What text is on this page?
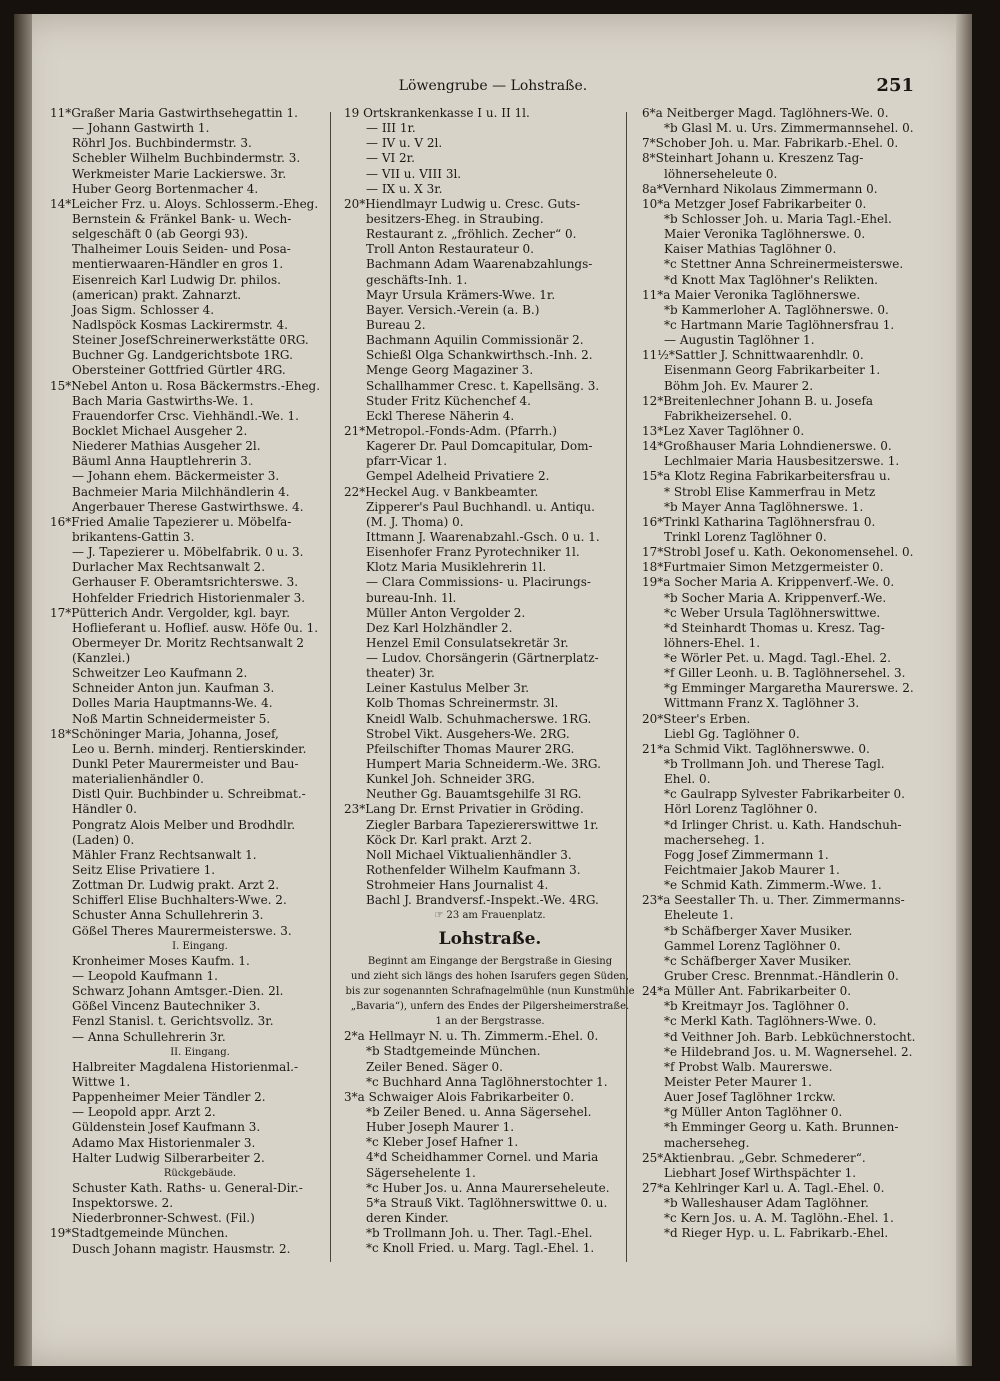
Löwengrube — Lohstraße.	251
11*Graßer Maria Gastwirthsehegattin 1.
— Johann Gastwirth 1.
Röhrl Jos. Buchbindermstr. 3.
Schebler Wilhelm Buchbindermstr. 3.
Werkmeister Marie Lackierswe. 3r.
Huber Georg Bortenmacher 4.
14*Leicher Frz. u. Aloys. Schlosserm.-Eheg.
Bernstein & Fränkel Bank- u. Wech-
selgeschäft 0 (ab Georgi 93).
Thalheimer Louis Seiden- und Posa-
mentierwaaren-Händler en gros 1.
Eisenreich Karl Ludwig Dr. philos.
(american) prakt. Zahnarzt.
Joas Sigm. Schlosser 4.
Nadlspöck Kosmas Lackirermstr. 4.
Steiner JosefSchreinerwerkstätte 0RG.
Buchner Gg. Landgerichtsbote 1RG.
Obersteiner Gottfried Gürtler 4RG.
15*Nebel Anton u. Rosa Bäckermstrs.-Eheg.
Bach Maria Gastwirths-We. 1.
Frauendorfer Crsc. Viehhändl.-We. 1.
Bocklet Michael Ausgeher 2.
Niederer Mathias Ausgeher 2l.
Bäuml Anna Hauptlehrerin 3.
— Johann ehem. Bäckermeister 3.
Bachmeier Maria Milchhändlerin 4.
Angerbauer Therese Gastwirthswe. 4.
16*Fried Amalie Tapezierer u. Möbelfa-
brikantens-Gattin 3.
— J. Tapezierer u. Möbelfabrik. 0 u. 3.
Durlacher Max Rechtsanwalt 2.
Gerhauser F. Oberamtsrichterswe. 3.
Hohfelder Friedrich Historienmaler 3.
17*Pütterich Andr. Vergolder, kgl. bayr.
Hoflieferant u. Hoflief. ausw. Höfe 0u. 1.
Obermeyer Dr. Moritz Rechtsanwalt 2
(Kanzlei.)
Schweitzer Leo Kaufmann 2.
Schneider Anton jun. Kaufman 3.
Dolles Maria Hauptmanns-We. 4.
Noß Martin Schneidermeister 5.
18*Schöninger Maria, Johanna, Josef,
Leo u. Bernh. minderj. Rentierskinder.
Dunkl Peter Maurermeister und Bau-
materialienhändler 0.
Distl Quir. Buchbinder u. Schreibmat.-
Händler 0.
Pongratz Alois Melber und Brodhdlr.
(Laden) 0.
Mähler Franz Rechtsanwalt 1.
Seitz Elise Privatiere 1.
Zottman Dr. Ludwig prakt. Arzt 2.
Schifferl Elise Buchhalters-Wwe. 2.
Schuster Anna Schullehrerin 3.
Gößel Theres Maurermeisterswe. 3.
I. Eingang.
Kronheimer Moses Kaufm. 1.
— Leopold Kaufmann 1.
Schwarz Johann Amtsger.-Dien. 2l.
Gößel Vincenz Bautechniker 3.
Fenzl Stanisl. t. Gerichtsvollz. 3r.
— Anna Schullehrerin 3r.
II. Eingang.
Halbreiter Magdalena Historienmal.-
Wittwe 1.
Pappenheimer Meier Tändler 2.
— Leopold appr. Arzt 2.
Güldenstein Josef Kaufmann 3.
Adamo Max Historienmaler 3.
Halter Ludwig Silberarbeiter 2.
Rückgebäude.
Schuster Kath. Raths- u. General-Dir.-
Inspektorswe. 2.
Niederbronner-Schwest. (Fil.)
19*Stadtgemeinde München.
Dusch Johann magistr. Hausmstr. 2.
19 Ortskrankenkasse I u. II 1l.
— III 1r.
— IV u. V 2l.
— VI 2r.
— VII u. VIII 3l.
— IX u. X 3r.
20*Hiendlmayr Ludwig u. Cresc. Guts-
besitzers-Eheg. in Straubing.
Restaurant z. „fröhlich. Zecher“ 0.
Troll Anton Restaurateur 0.
Bachmann Adam Waarenabzahlungs-
geschäfts-Inh. 1.
Mayr Ursula Krämers-Wwe. 1r.
Bayer. Versich.-Verein (a. B.)
Bureau 2.
Bachmann Aquilin Commissionär 2.
Schießl Olga Schankwirthsch.-Inh. 2.
Menge Georg Magaziner 3.
Schallhammer Cresc. t. Kapellsäng. 3.
Studer Fritz Küchenchef 4.
Eckl Therese Näherin 4.
21*Metropol.-Fonds-Adm. (Pfarrh.)
Kagerer Dr. Paul Domcapitular, Dom-
pfarr-Vicar 1.
Gempel Adelheid Privatiere 2.
22*Heckel Aug. v Bankbeamter.
Zipperer's Paul Buchhandl. u. Antiqu.
(M. J. Thoma) 0.
Ittmann J. Waarenabzahl.-Gsch. 0 u. 1.
Eisenhofer Franz Pyrotechniker 1l.
Klotz Maria Musiklehrerin 1l.
— Clara Commissions- u. Placirungs-
bureau-Inh. 1l.
Müller Anton Vergolder 2.
Dez Karl Holzhändler 2.
Henzel Emil Consulatsekretär 3r.
— Ludov. Chorsängerin (Gärtnerplatz-
theater) 3r.
Leiner Kastulus Melber 3r.
Kolb Thomas Schreinermstr. 3l.
Kneidl Walb. Schuhmacherswe. 1RG.
Strobel Vikt. Ausgehers-We. 2RG.
Pfeilschifter Thomas Maurer 2RG.
Humpert Maria Schneiderm.-We. 3RG.
Kunkel Joh. Schneider 3RG.
Neuther Gg. Bauamtsgehilfe 3l RG.
23*Lang Dr. Ernst Privatier in Gröding.
Ziegler Barbara Tapeziererswittwe 1r.
Köck Dr. Karl prakt. Arzt 2.
Noll Michael Viktualienhändler 3.
Rothenfelder Wilhelm Kaufmann 3.
Strohmeier Hans Journalist 4.
Bachl J. Brandversf.-Inspekt.-We. 4RG.
☞ 23 am Frauenplatz.
Lohstraße.
Beginnt am Eingange der Bergstraße in Giesing
und zieht sich längs des hohen Isarufers gegen Süden,
bis zur sogenannten Schrafnagelmühle (nun Kunstmühle
„Bavaria“), unfern des Endes der Pilgersheimerstraße.
1 an der Bergstrasse.
2*a Hellmayr N. u. Th. Zimmerm.-Ehel. 0.
*b Stadtgemeinde München.
Zeiler Bened. Säger 0.
*c Buchhard Anna Taglöhnerstochter 1.
3*a Schwaiger Alois Fabrikarbeiter 0.
*b Zeiler Bened. u. Anna Sägersehel.
Huber Joseph Maurer 1.
*c Kleber Josef Hafner 1.
4*d Scheidhammer Cornel. und Maria
Sägersehelente 1.
*c Huber Jos. u. Anna Maurerseheleute.
5*a Strauß Vikt. Taglöhnerswittwe 0. u.
deren Kinder.
*b Trollmann Joh. u. Ther. Tagl.-Ehel.
*c Knoll Fried. u. Marg. Tagl.-Ehel. 1.
6*a Neitberger Magd. Taglöhners-We. 0.
*b Glasl M. u. Urs. Zimmermannsehel. 0.
7*Schober Joh. u. Mar. Fabrikarb.-Ehel. 0.
8*Steinhart Johann u. Kreszenz Tag-
löhnerseheleute 0.
8a*Vernhard Nikolaus Zimmermann 0.
10*a Metzger Josef Fabrikarbeiter 0.
*b Schlosser Joh. u. Maria Tagl.-Ehel.
Maier Veronika Taglöhnerswe. 0.
Kaiser Mathias Taglöhner 0.
*c Stettner Anna Schreinermeisterswe.
*d Knott Max Taglöhner's Relikten.
11*a Maier Veronika Taglöhnerswe.
*b Kammerloher A. Taglöhnerswe. 0.
*c Hartmann Marie Taglöhnersfrau 1.
— Augustin Taglöhner 1.
11½*Sattler J. Schnittwaarenhdlr. 0.
Eisenmann Georg Fabrikarbeiter 1.
Böhm Joh. Ev. Maurer 2.
12*Breitenlechner Johann B. u. Josefa
Fabrikheizersehel. 0.
13*Lez Xaver Taglöhner 0.
14*Großhauser Maria Lohndienerswe. 0.
Lechlmaier Maria Hausbesitzerswe. 1.
15*a Klotz Regina Fabrikarbeitersfrau u.
* Strobl Elise Kammerfrau in Metz
*b Mayer Anna Taglöhnerswe. 1.
16*Trinkl Katharina Taglöhnersfrau 0.
Trinkl Lorenz Taglöhner 0.
17*Strobl Josef u. Kath. Oekonomensehel. 0.
18*Furtmaier Simon Metzgermeister 0.
19*a Socher Maria A. Krippenverf.-We. 0.
*b Socher Maria A. Krippenverf.-We.
*c Weber Ursula Taglöhnerswittwe.
*d Steinhardt Thomas u. Kresz. Tag-
löhners-Ehel. 1.
*e Wörler Pet. u. Magd. Tagl.-Ehel. 2.
*f Giller Leonh. u. B. Taglöhnersehel. 3.
*g Emminger Margaretha Maurerswe. 2.
Wittmann Franz X. Taglöhner 3.
20*Steer's Erben.
Liebl Gg. Taglöhner 0.
21*a Schmid Vikt. Taglöhnerswwe. 0.
*b Trollmann Joh. und Therese Tagl.
Ehel. 0.
*c Gaulrapp Sylvester Fabrikarbeiter 0.
Hörl Lorenz Taglöhner 0.
*d Irlinger Christ. u. Kath. Handschuh-
machersehеg. 1.
Fogg Josef Zimmermann 1.
Feichtmaier Jakob Maurer 1.
*e Schmid Kath. Zimmerm.-Wwe. 1.
23*a Seestaller Th. u. Ther. Zimmermanns-
Eheleute 1.
*b Schäfberger Xaver Musiker.
Gammel Lorenz Taglöhner 0.
*c Schäfberger Xaver Musiker.
Gruber Cresc. Brennmat.-Händlerin 0.
24*a Müller Ant. Fabrikarbeiter 0.
*b Kreitmayr Jos. Taglöhner 0.
*c Merkl Kath. Taglöhners-Wwe. 0.
*d Veithner Joh. Barb. Lebküchnerstocht.
*e Hildebrand Jos. u. M. Wagnersehel. 2.
*f Probst Walb. Maurerswe.
Meister Peter Maurer 1.
Auer Josef Taglöhner 1rckw.
*g Müller Anton Taglöhner 0.
*h Emminger Georg u. Kath. Brunnen-
machersehеg.
25*Aktienbrau. „Gebr. Schmederer“.
Liebhart Josef Wirthspächter 1.
27*a Kehlringer Karl u. A. Tagl.-Ehel. 0.
*b Walleshauser Adam Taglöhner.
*c Kern Jos. u. A. M. Taglöhn.-Ehel. 1.
*d Rieger Hyp. u. L. Fabrikarb.-Ehel.
